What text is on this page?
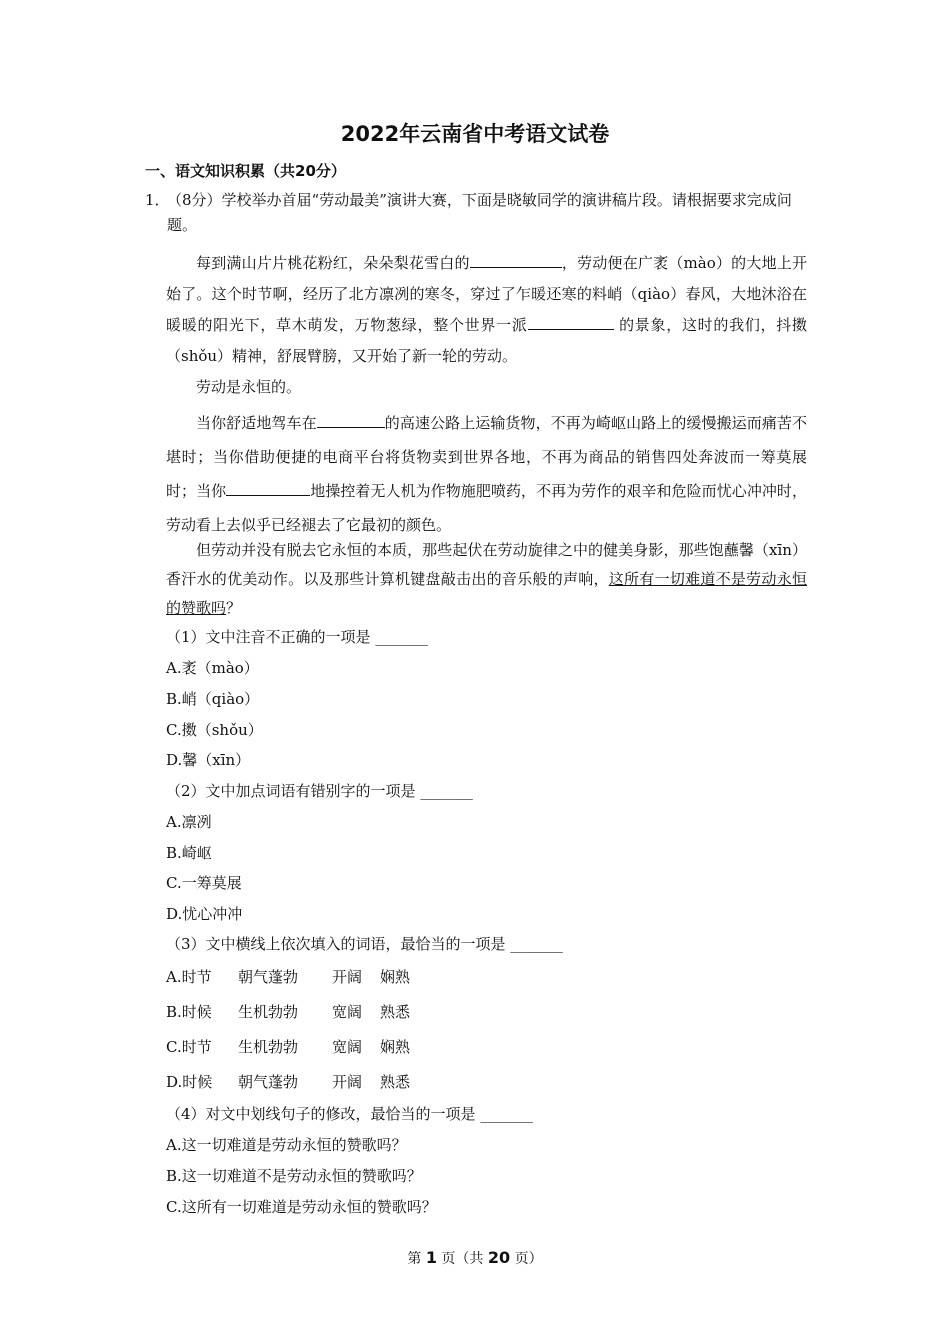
2022年云南省中考语文试卷
一、语文知识积累（共20分）
1．
（8分）学校举办首届“劳动最美”演讲大赛，下面是晓敏同学的演讲稿片段。请根据要求完成问题。
每到满山片片桃花粉红，朵朵梨花雪白的	，劳动便在广袤（mào）的大地上开始了。这个时节啊，经历了北方凛冽的寒冬，穿过了乍暖还寒的料峭（qiào）春风，大地沐浴在暖暖的阳光下，草木萌发，万物葱绿，整个世界一派	的景象，这时的我们，抖擞（shǒu）精神，舒展臂膀，又开始了新一轮的劳动。
劳动是永恒的。
当你舒适地驾车在	的高速公路上运输货物，不再为崎岖山路上的缓慢搬运而痛苦不堪时；当你借助便捷的电商平台将货物卖到世界各地，不再为商品的销售四处奔波而一筹莫展时；当你	地操控着无人机为作物施肥喷药，不再为劳作的艰辛和危险而忧心冲冲时，劳动看上去似乎已经褪去了它最初的颜色。
但劳动并没有脱去它永恒的本质，那些起伏在劳动旋律之中的健美身影，那些饱蘸馨（xīn）香汗水的优美动作。以及那些计算机键盘敲击出的音乐般的声响，这所有一切难道不是劳动永恒的赞歌吗？
（1）文中注音不正确的一项是 _______
A.袤（mào）
B.峭（qiào）
C.擞（shǒu）
D.馨（xīn）
（2）文中加点词语有错别字的一项是 _______
A.凛冽
B.崎岖
C.一筹莫展
D.忧心冲冲
（3）文中横线上依次填入的词语，最恰当的一项是 _______
A.时节 朝气蓬勃 开阔 娴熟
B.时候 生机勃勃 宽阔 熟悉
C.时节 生机勃勃 宽阔 娴熟
D.时候 朝气蓬勃 开阔 熟悉
（4）对文中划线句子的修改，最恰当的一项是 _______
A.这一切难道是劳动永恒的赞歌吗？
B.这一切难道不是劳动永恒的赞歌吗？
C.这所有一切难道是劳动永恒的赞歌吗？
第 1 页（共 20 页）
